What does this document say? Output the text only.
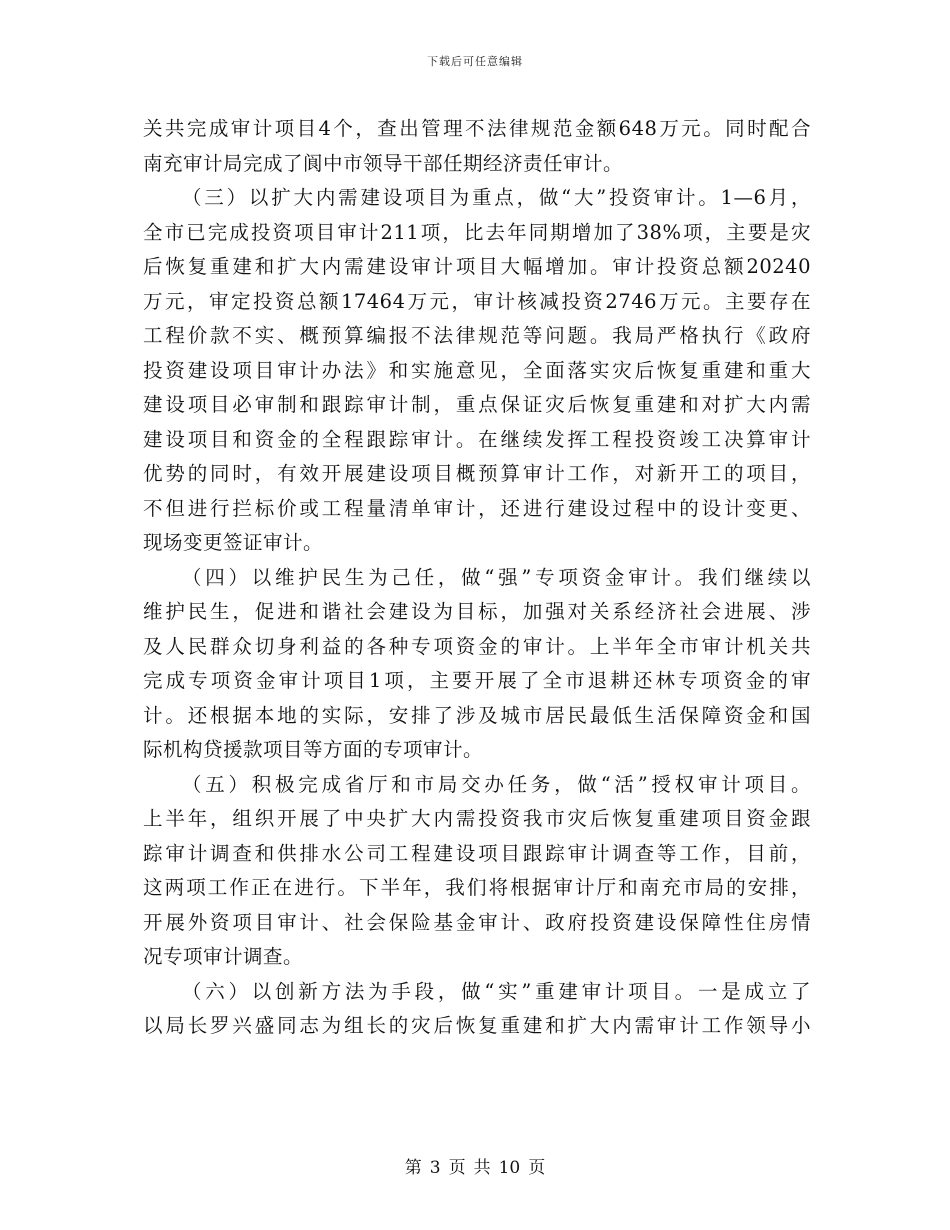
下载后可任意编辑
关共完成审计项目4个，查出管理不法律规范金额648万元。同时配合
南充审计局完成了阆中市领导干部任期经济责任审计。
（三）以扩大内需建设项目为重点，做“大”投资审计。1—6月，
全市已完成投资项目审计211项，比去年同期增加了38%项，主要是灾
后恢复重建和扩大内需建设审计项目大幅增加。审计投资总额20240
万元，审定投资总额17464万元，审计核减投资2746万元。主要存在
工程价款不实、概预算编报不法律规范等问题。我局严格执行《政府
投资建设项目审计办法》和实施意见，全面落实灾后恢复重建和重大
建设项目必审制和跟踪审计制，重点保证灾后恢复重建和对扩大内需
建设项目和资金的全程跟踪审计。在继续发挥工程投资竣工决算审计
优势的同时，有效开展建设项目概预算审计工作，对新开工的项目，
不但进行拦标价或工程量清单审计，还进行建设过程中的设计变更、
现场变更签证审计。
（四）以维护民生为己任，做“强”专项资金审计。我们继续以
维护民生，促进和谐社会建设为目标，加强对关系经济社会进展、涉
及人民群众切身利益的各种专项资金的审计。上半年全市审计机关共
完成专项资金审计项目1项，主要开展了全市退耕还林专项资金的审
计。还根据本地的实际，安排了涉及城市居民最低生活保障资金和国
际机构贷援款项目等方面的专项审计。
（五）积极完成省厅和市局交办任务，做“活”授权审计项目。
上半年，组织开展了中央扩大内需投资我市灾后恢复重建项目资金跟
踪审计调查和供排水公司工程建设项目跟踪审计调查等工作，目前，
这两项工作正在进行。下半年，我们将根据审计厅和南充市局的安排，
开展外资项目审计、社会保险基金审计、政府投资建设保障性住房情
况专项审计调查。
（六）以创新方法为手段，做“实”重建审计项目。一是成立了
以局长罗兴盛同志为组长的灾后恢复重建和扩大内需审计工作领导小
第 3 页 共 10 页
